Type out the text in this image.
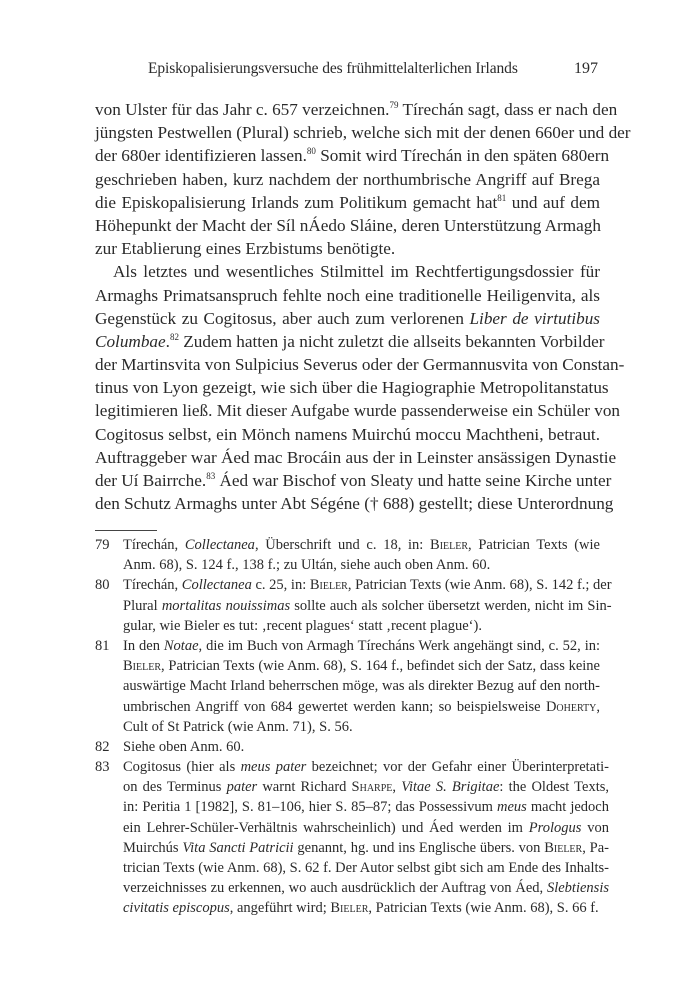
Episkopalisierungsversuche des frühmittelalterlichen Irlands	197
von Ulster für das Jahr c. 657 verzeichnen.$^{79}$ Tírechán sagt, dass er nach den
jüngsten Pestwellen (Plural) schrieb, welche sich mit der denen 660er und der
der 680er identifizieren lassen.$^{80}$ Somit wird Tírechán in den späten 680ern
geschrieben haben, kurz nachdem der northumbrische Angriff auf Brega
die Episkopalisierung Irlands zum Politikum gemacht hat$^{81}$ und auf dem
Höhepunkt der Macht der Síl nÁedo Sláine, deren Unterstützung Armagh
zur Etablierung eines Erzbistums benötigte.
Als letztes und wesentliches Stilmittel im Rechtfertigungsdossier für
Armaghs Primatsanspruch fehlte noch eine traditionelle Heiligenvita, als
Gegenstück zu Cogitosus, aber auch zum verlorenen Liber de virtutibus
Columbae.$^{82}$ Zudem hatten ja nicht zuletzt die allseits bekannten Vorbilder
der Martinsvita von Sulpicius Severus oder der Germannusvita von Constan-
tinus von Lyon gezeigt, wie sich über die Hagiographie Metropolitanstatus
legitimieren ließ. Mit dieser Aufgabe wurde passenderweise ein Schüler von
Cogitosus selbst, ein Mönch namens Muirchú moccu Machtheni, betraut.
Auftraggeber war Áed mac Brocáin aus der in Leinster ansässigen Dynastie
der Uí Bairrche.$^{83}$ Áed war Bischof von Sleaty und hatte seine Kirche unter
den Schutz Armaghs unter Abt Ségéne († 688) gestellt; diese Unterordnung
79 Tírechán, Collectanea, Überschrift und c. 18, in: Bieler, Patrician Texts (wie
Anm. 68), S. 124 f., 138 f.; zu Ultán, siehe auch oben Anm. 60.
80 Tírechán, Collectanea c. 25, in: Bieler, Patrician Texts (wie Anm. 68), S. 142 f.; der
Plural mortalitas nouissimas sollte auch als solcher übersetzt werden, nicht im Sin-
gular, wie Bieler es tut: ‚recent plagues‘ statt ‚recent plague‘).
81 In den Notae, die im Buch von Armagh Tírecháns Werk angehängt sind, c. 52, in:
Bieler, Patrician Texts (wie Anm. 68), S. 164 f., befindet sich der Satz, dass keine
auswärtige Macht Irland beherrschen möge, was als direkter Bezug auf den north-
umbrischen Angriff von 684 gewertet werden kann; so beispielsweise Doherty,
Cult of St Patrick (wie Anm. 71), S. 56.
82 Siehe oben Anm. 60.
83 Cogitosus (hier als meus pater bezeichnet; vor der Gefahr einer Überinterpretati-
on des Terminus pater warnt Richard Sharpe, Vitae S. Brigitae: the Oldest Texts,
in: Peritia 1 [1982], S. 81–106, hier S. 85–87; das Possessivum meus macht jedoch
ein Lehrer-Schüler-Verhältnis wahrscheinlich) und Áed werden im Prologus von
Muirchús Vita Sancti Patricii genannt, hg. und ins Englische übers. von Bieler, Pa-
trician Texts (wie Anm. 68), S. 62 f. Der Autor selbst gibt sich am Ende des Inhalts-
verzeichnisses zu erkennen, wo auch ausdrücklich der Auftrag von Áed, Slebtiensis
civitatis episcopus, angeführt wird; Bieler, Patrician Texts (wie Anm. 68), S. 66 f.
